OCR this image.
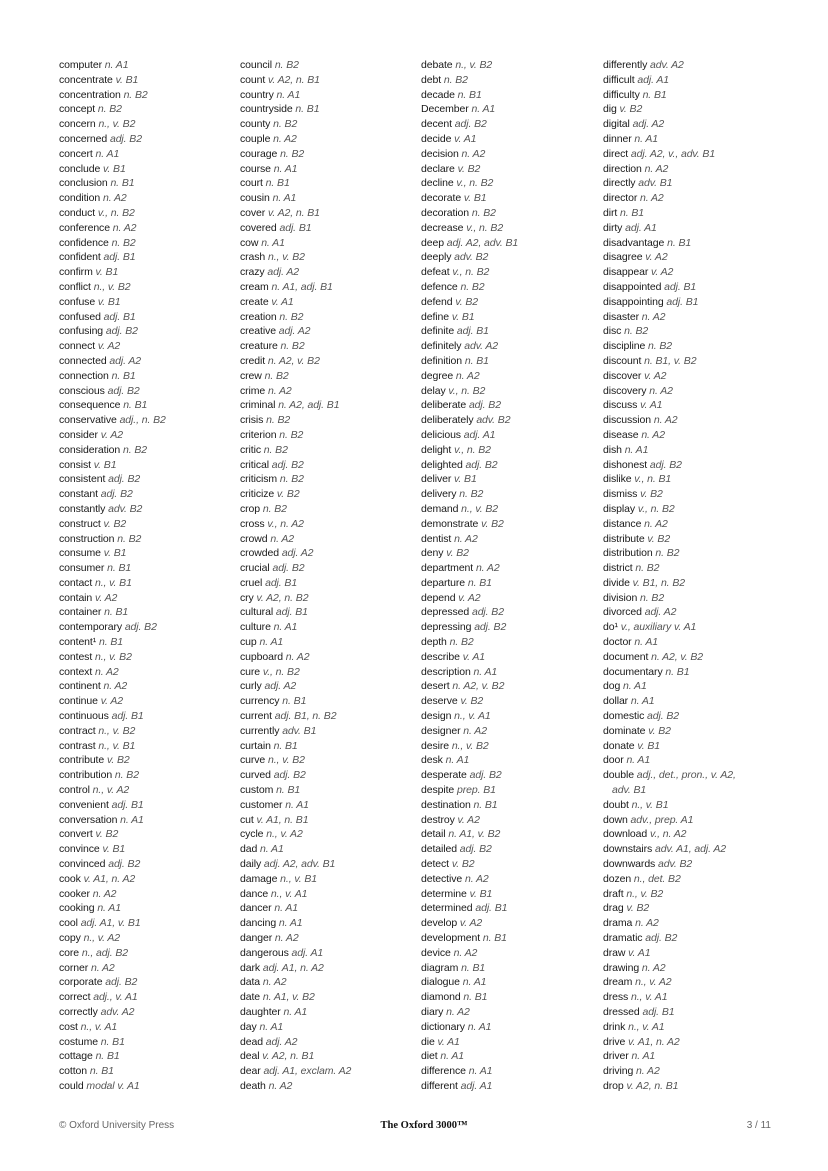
computer n. A1
concentrate v. B1
concentration n. B2
concept n. B2
concern n., v. B2
concerned adj. B2
concert n. A1
conclude v. B1
conclusion n. B1
condition n. A2
conduct v., n. B2
conference n. A2
confidence n. B2
confident adj. B1
confirm v. B1
conflict n., v. B2
confuse v. B1
confused adj. B1
confusing adj. B2
connect v. A2
connected adj. A2
connection n. B1
conscious adj. B2
consequence n. B1
conservative adj., n. B2
consider v. A2
consideration n. B2
consist v. B1
consistent adj. B2
constant adj. B2
constantly adv. B2
construct v. B2
construction n. B2
consume v. B1
consumer n. B1
contact n., v. B1
contain v. A2
container n. B1
contemporary adj. B2
content¹ n. B1
contest n., v. B2
context n. A2
continent n. A2
continue v. A2
continuous adj. B1
contract n., v. B2
contrast n., v. B1
contribute v. B2
contribution n. B2
control n., v. A2
convenient adj. B1
conversation n. A1
convert v. B2
convince v. B1
convinced adj. B2
cook v. A1, n. A2
cooker n. A2
cooking n. A1
cool adj. A1, v. B1
copy n., v. A2
core n., adj. B2
corner n. A2
corporate adj. B2
correct adj., v. A1
correctly adv. A2
cost n., v. A1
costume n. B1
cottage n. B1
cotton n. B1
could modal v. A1
council n. B2
count v. A2, n. B1
country n. A1
countryside n. B1
county n. B2
couple n. A2
courage n. B2
course n. A1
court n. B1
cousin n. A1
cover v. A2, n. B1
covered adj. B1
cow n. A1
crash n., v. B2
crazy adj. A2
cream n. A1, adj. B1
create v. A1
creation n. B2
creative adj. A2
creature n. B2
credit n. A2, v. B2
crew n. B2
crime n. A2
criminal n. A2, adj. B1
crisis n. B2
criterion n. B2
critic n. B2
critical adj. B2
criticism n. B2
criticize v. B2
crop n. B2
cross v., n. A2
crowd n. A2
crowded adj. A2
crucial adj. B2
cruel adj. B1
cry v. A2, n. B2
cultural adj. B1
culture n. A1
cup n. A1
cupboard n. A2
cure v., n. B2
curly adj. A2
currency n. B1
current adj. B1, n. B2
currently adv. B1
curtain n. B1
curve n., v. B2
curved adj. B2
custom n. B1
customer n. A1
cut v. A1, n. B1
cycle n., v. A2
dad n. A1
daily adj. A2, adv. B1
damage n., v. B1
dance n., v. A1
dancer n. A1
dancing n. A1
danger n. A2
dangerous adj. A1
dark adj. A1, n. A2
data n. A2
date n. A1, v. B2
daughter n. A1
day n. A1
dead adj. A2
deal v. A2, n. B1
dear adj. A1, exclam. A2
death n. A2
debate n., v. B2
debt n. B2
decade n. B1
December n. A1
decent adj. B2
decide v. A1
decision n. A2
declare v. B2
decline v., n. B2
decorate v. B1
decoration n. B2
decrease v., n. B2
deep adj. A2, adv. B1
deeply adv. B2
defeat v., n. B2
defence n. B2
defend v. B2
define v. B1
definite adj. B1
definitely adv. A2
definition n. B1
degree n. A2
delay v., n. B2
deliberate adj. B2
deliberately adv. B2
delicious adj. A1
delight v., n. B2
delighted adj. B2
deliver v. B1
delivery n. B2
demand n., v. B2
demonstrate v. B2
dentist n. A2
deny v. B2
department n. A2
departure n. B1
depend v. A2
depressed adj. B2
depressing adj. B2
depth n. B2
describe v. A1
description n. A1
desert n. A2, v. B2
deserve v. B2
design n., v. A1
designer n. A2
desire n., v. B2
desk n. A1
desperate adj. B2
despite prep. B1
destination n. B1
destroy v. A2
detail n. A1, v. B2
detailed adj. B2
detect v. B2
detective n. A2
determine v. B1
determined adj. B1
develop v. A2
development n. B1
device n. A2
diagram n. B1
dialogue n. A1
diamond n. B1
diary n. A2
dictionary n. A1
die v. A1
diet n. A1
difference n. A1
different adj. A1
differently adv. A2
difficult adj. A1
difficulty n. B1
dig v. B2
digital adj. A2
dinner n. A1
direct adj. A2, v., adv. B1
direction n. A2
directly adv. B1
director n. A2
dirt n. B1
dirty adj. A1
disadvantage n. B1
disagree v. A2
disappear v. A2
disappointed adj. B1
disappointing adj. B1
disaster n. A2
disc n. B2
discipline n. B2
discount n. B1, v. B2
discover v. A2
discovery n. A2
discuss v. A1
discussion n. A2
disease n. A2
dish n. A1
dishonest adj. B2
dislike v., n. B1
dismiss v. B2
display v., n. B2
distance n. A2
distribute v. B2
distribution n. B2
district n. B2
divide v. B1, n. B2
division n. B2
divorced adj. A2
do¹ v., auxiliary v. A1
doctor n. A1
document n. A2, v. B2
documentary n. B1
dog n. A1
dollar n. A1
domestic adj. B2
dominate v. B2
donate v. B1
door n. A1
double adj., det., pron., v. A2,
adv. B1
doubt n., v. B1
down adv., prep. A1
download v., n. A2
downstairs adv. A1, adj. A2
downwards adv. B2
dozen n., det. B2
draft n., v. B2
drag v. B2
drama n. A2
dramatic adj. B2
draw v. A1
drawing n. A2
dream n., v. A2
dress n., v. A1
dressed adj. B1
drink n., v. A1
drive v. A1, n. A2
driver n. A1
driving n. A2
drop v. A2, n. B1
© Oxford University Press	The Oxford 3000™	3 / 11
